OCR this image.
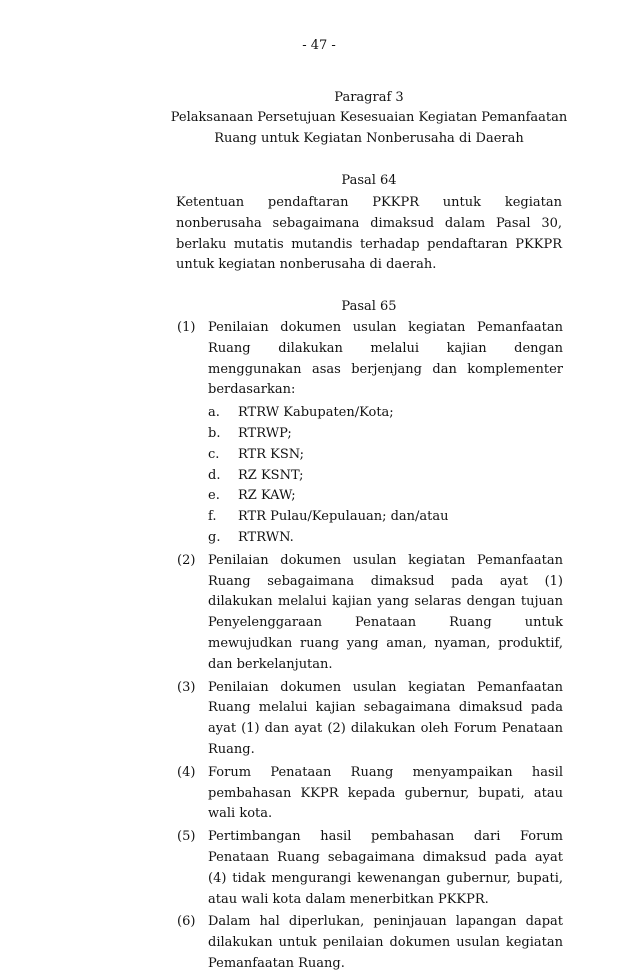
- 47 -
Paragraf 3
Pelaksanaan Persetujuan Kesesuaian Kegiatan Pemanfaatan
Ruang untuk Kegiatan Nonberusaha di Daerah
Pasal 64

Ketentuan pendaftaran PKKPR untuk kegiatan nonberusaha sebagaimana dimaksud dalam Pasal 30, berlaku mutatis mutandis terhadap pendaftaran PKKPR untuk kegiatan nonberusaha di daerah.

Pasal 65
(1) Penilaian dokumen usulan kegiatan Pemanfaatan Ruang dilakukan melalui kajian dengan menggunakan asas berjenjang dan komplementer berdasarkan:
a. RTRW Kabupaten/Kota;
b. RTRWP;
c. RTR KSN;
d. RZ KSNT;
e. RZ KAW;
f. RTR Pulau/Kepulauan; dan/atau
g. RTRWN.
(2) Penilaian dokumen usulan kegiatan Pemanfaatan Ruang sebagaimana dimaksud pada ayat (1) dilakukan melalui kajian yang selaras dengan tujuan Penyelenggaraan Penataan Ruang untuk mewujudkan ruang yang aman, nyaman, produktif, dan berkelanjutan.
(3) Penilaian dokumen usulan kegiatan Pemanfaatan Ruang melalui kajian sebagaimana dimaksud pada ayat (1) dan ayat (2) dilakukan oleh Forum Penataan Ruang.
(4) Forum Penataan Ruang menyampaikan hasil pembahasan KKPR kepada gubernur, bupati, atau wali kota.
(5) Pertimbangan hasil pembahasan dari Forum Penataan Ruang sebagaimana dimaksud pada ayat (4) tidak mengurangi kewenangan gubernur, bupati, atau wali kota dalam menerbitkan PKKPR.
(6) Dalam hal diperlukan, peninjauan lapangan dapat dilakukan untuk penilaian dokumen usulan kegiatan Pemanfaatan Ruang.
